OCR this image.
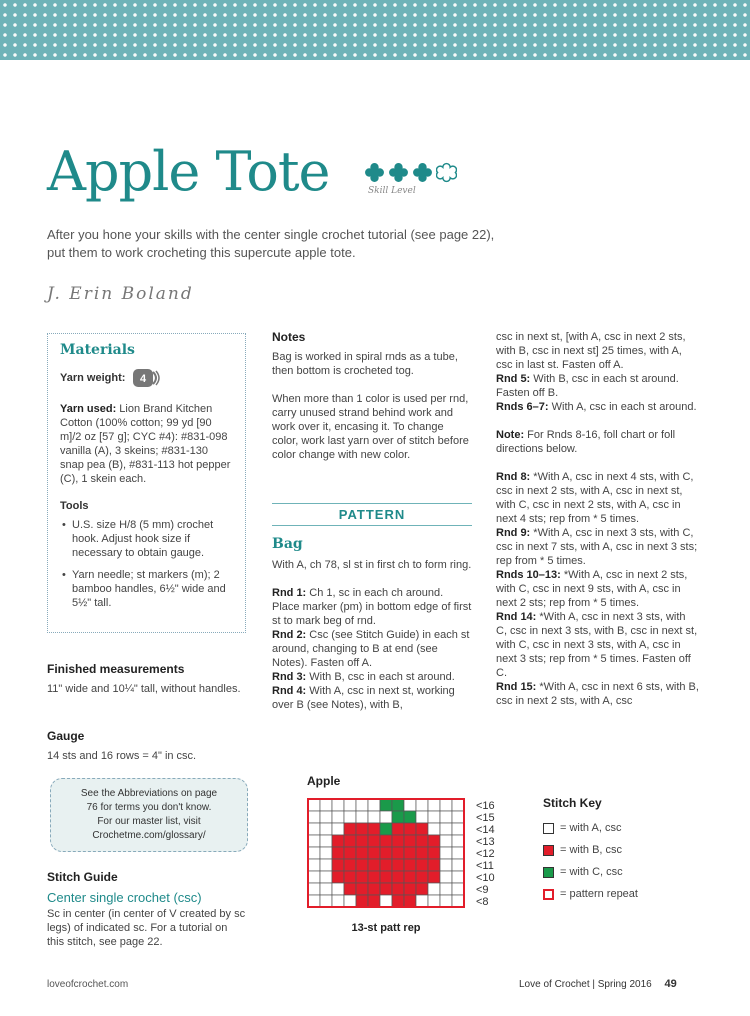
Apple Tote	Skill Level

After you hone your skills with the center single crochet tutorial (see page 22),
put them to work crocheting this supercute apple tote.

J. Erin Boland
Materials
Yarn weight: 4

Yarn used: Lion Brand Kitchen Cotton (100% cotton; 99 yd [90 m]/2 oz [57 g]; CYC #4): #831-098 vanilla (A), 3 skeins; #831-130 snap pea (B), #831-113 hot pepper (C), 1 skein each.

Tools
• U.S. size H/8 (5 mm) crochet hook. Adjust hook size if necessary to obtain gauge.
• Yarn needle; st markers (m); 2 bamboo handles, 6½" wide and 5½" tall.
Finished measurements

11" wide and 10¼" tall, without handles.

Gauge

14 sts and 16 rows = 4" in csc.

See the Abbreviations on page
76 for terms you don't know.
For our master list, visit
Crochetme.com/glossary/
Stitch Guide
Center single crochet (csc)

Sc in center (in center of V created by sc legs) of indicated sc. For a tutorial on this stitch, see page 22.

Notes

Bag is worked in spiral rnds as a tube, then bottom is crocheted tog.

When more than 1 color is used per rnd, carry unused strand behind work and work over it, encasing it. To change color, work last yarn over of stitch before color change with new color.

PATTERN
Bag

With A, ch 78, sl st in first ch to form ring.

Rnd 1: Ch 1, sc in each ch around. Place marker (pm) in bottom edge of first st to mark beg of rnd.

Rnd 2: Csc (see Stitch Guide) in each st around, changing to B at end (see Notes). Fasten off A.

Rnd 3: With B, csc in each st around.

Rnd 4: With A, csc in next st, working over B (see Notes), with B,

csc in next st, [with A, csc in next 2 sts, with B, csc in next st] 25 times, with A, csc in last st. Fasten off A.

Rnd 5: With B, csc in each st around. Fasten off B.

Rnds 6–7: With A, csc in each st around.

Note: For Rnds 8-16, foll chart or foll directions below.

Rnd 8: *With A, csc in next 4 sts, with C, csc in next 2 sts, with A, csc in next st, with C, csc in next 2 sts, with A, csc in next 4 sts; rep from * 5 times.

Rnd 9: *With A, csc in next 3 sts, with C, csc in next 7 sts, with A, csc in next 3 sts; rep from * 5 times.

Rnds 10–13: *With A, csc in next 2 sts, with C, csc in next 9 sts, with A, csc in next 2 sts; rep from * 5 times.

Rnd 14: *With A, csc in next 3 sts, with C, csc in next 3 sts, with B, csc in next st, with C, csc in next 3 sts, with A, csc in next 3 sts; rep from * 5 times. Fasten off C.

Rnd 15: *With A, csc in next 6 sts, with B, csc in next 2 sts, with A, csc

Apple
<16
<15
<14
<13
<12
<11
<10
<9
<8
13-st patt rep
Stitch Key
= with A, csc
= with B, csc
= with C, csc
= pattern repeat
loveofcrochet.com	Love of Crochet | Spring 2016 49
